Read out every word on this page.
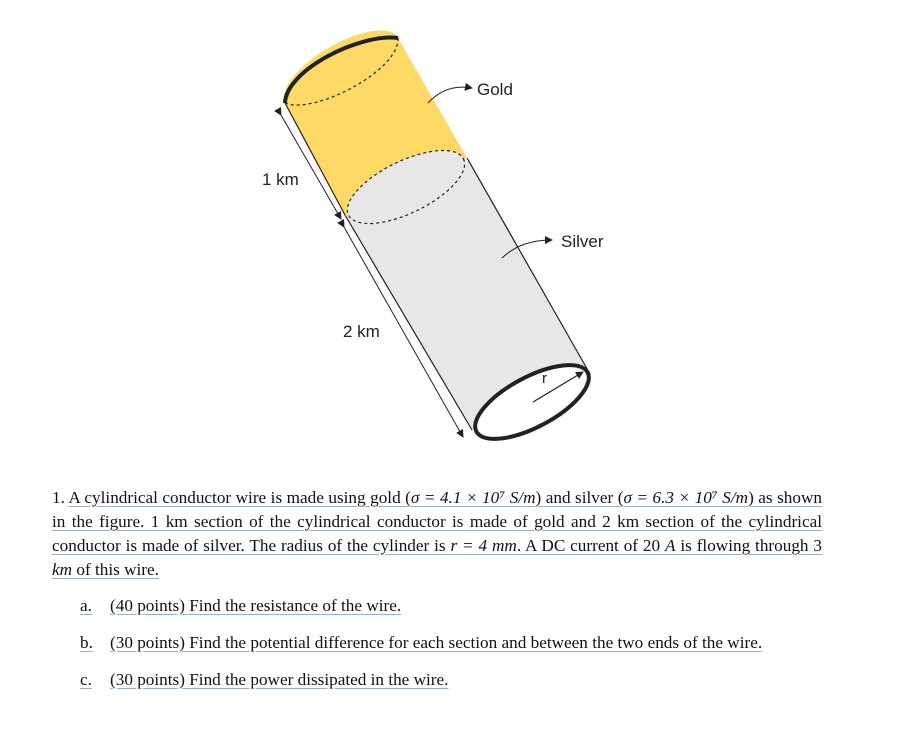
Gold
Silver
1 km
2 km
r

1. A cylindrical conductor wire is made using gold (σ = 4.1 × 10⁷ S/m) and silver (σ = 6.3 × 10⁷ S/m) as shown in the figure. 1 km section of the cylindrical conductor is made of gold and 2 km section of the cylindrical conductor is made of silver. The radius of the cylinder is r = 4 mm. A DC current of 20 A is flowing through 3 km of this wire.

a. (40 points) Find the resistance of the wire.
b. (30 points) Find the potential difference for each section and between the two ends of the wire.
c. (30 points) Find the power dissipated in the wire.
